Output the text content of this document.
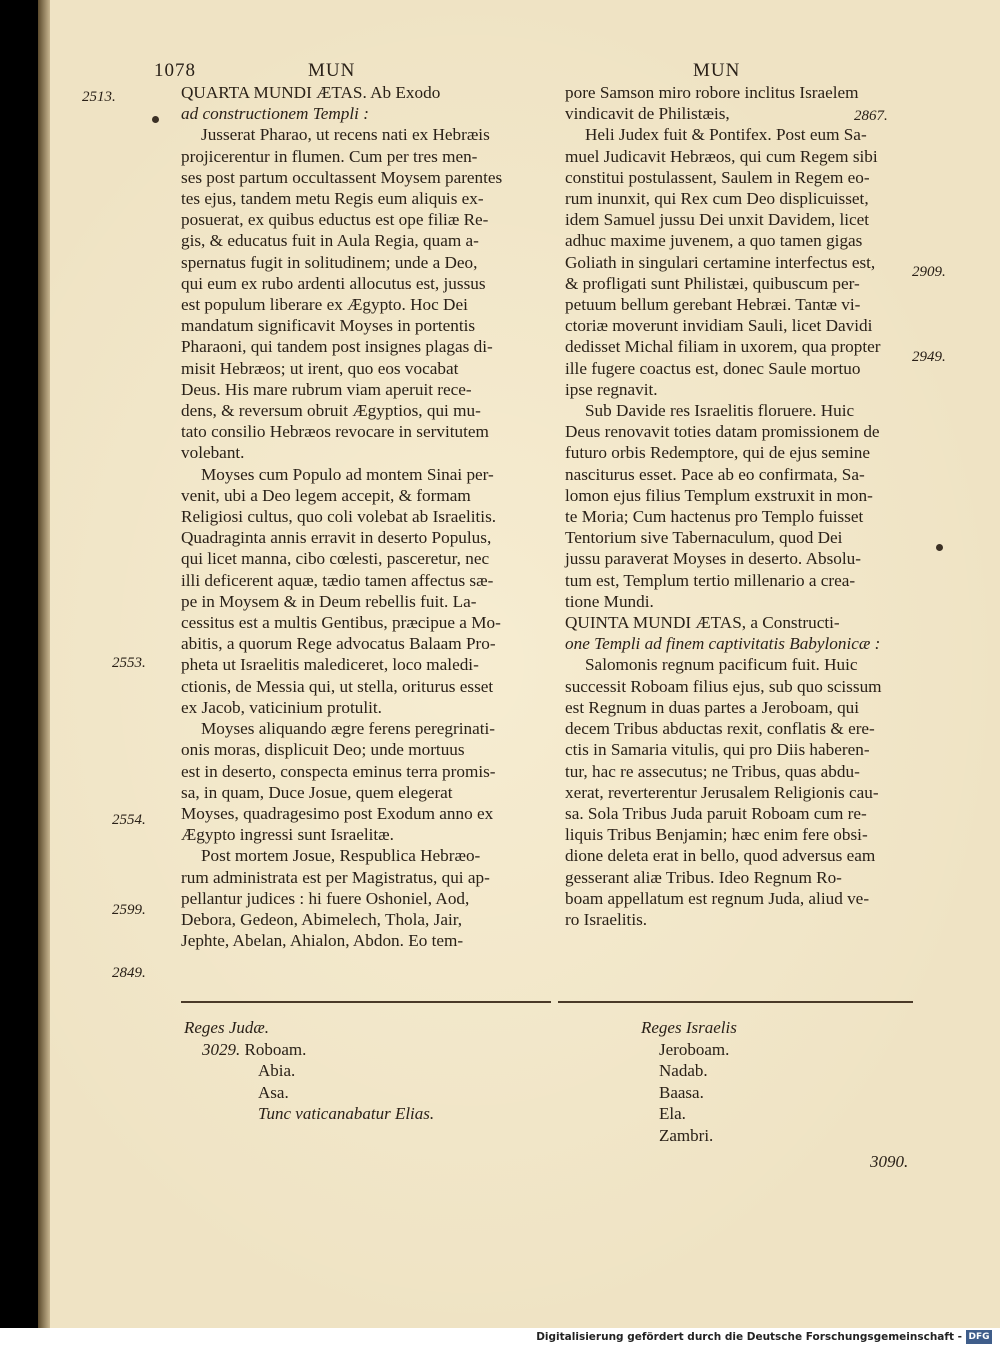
1078	MUN	MUN
2513.
2553.
2554.
2599.
2849.
2867.
2909.
2949.

QUARTA MUNDI ÆTAS. Ab Exodo

ad constructionem Templi :

Jusserat Pharao, ut recens nati ex Hebræis

projicerentur in flumen. Cum per tres men-

ses post partum occultassent Moysem parentes

tes ejus, tandem metu Regis eum aliquis ex-

posuerat, ex quibus eductus est ope filiæ Re-

gis, & educatus fuit in Aula Regia, quam a-

spernatus fugit in solitudinem; unde a Deo,

qui eum ex rubo ardenti allocutus est, jussus

est populum liberare ex Ægypto. Hoc Dei

mandatum significavit Moyses in portentis

Pharaoni, qui tandem post insignes plagas di-

misit Hebræos; ut irent, quo eos vocabat

Deus. His mare rubrum viam aperuit rece-

dens, & reversum obruit Ægyptios, qui mu-

tato consilio Hebræos revocare in servitutem

volebant.

Moyses cum Populo ad montem Sinai per-

venit, ubi a Deo legem accepit, & formam

Religiosi cultus, quo coli volebat ab Israelitis.

Quadraginta annis erravit in deserto Populus,

qui licet manna, cibo cœlesti, pasceretur, nec

illi deficerent aquæ, tædio tamen affectus sæ-

pe in Moysem & in Deum rebellis fuit. La-

cessitus est a multis Gentibus, præcipue a Mo-

abitis, a quorum Rege advocatus Balaam Pro-

pheta ut Israelitis malediceret, loco maledi-

ctionis, de Messia qui, ut stella, oriturus esset

ex Jacob, vaticinium protulit.

Moyses aliquando ægre ferens peregrinati-

onis moras, displicuit Deo; unde mortuus

est in deserto, conspecta eminus terra promis-

sa, in quam, Duce Josue, quem elegerat

Moyses, quadragesimo post Exodum anno ex

Ægypto ingressi sunt Israelitæ.

Post mortem Josue, Respublica Hebræo-

rum administrata est per Magistratus, qui ap-

pellantur judices : hi fuere Oshoniel, Aod,

Debora, Gedeon, Abimelech, Thola, Jair,

Jephte, Abelan, Ahialon, Abdon. Eo tem-

pore Samson miro robore inclitus Israelem

vindicavit de Philistæis,

Heli Judex fuit & Pontifex. Post eum Sa-

muel Judicavit Hebræos, qui cum Regem sibi

constitui postulassent, Saulem in Regem eo-

rum inunxit, qui Rex cum Deo displicuisset,

idem Samuel jussu Dei unxit Davidem, licet

adhuc maxime juvenem, a quo tamen gigas

Goliath in singulari certamine interfectus est,

& profligati sunt Philistæi, quibuscum per-

petuum bellum gerebant Hebræi. Tantæ vi-

ctoriæ moverunt invidiam Sauli, licet Davidi

dedisset Michal filiam in uxorem, qua propter

ille fugere coactus est, donec Saule mortuo

ipse regnavit.

Sub Davide res Israelitis floruere. Huic

Deus renovavit toties datam promissionem de

futuro orbis Redemptore, qui de ejus semine

nasciturus esset. Pace ab eo confirmata, Sa-

lomon ejus filius Templum exstruxit in mon-

te Moria; Cum hactenus pro Templo fuisset

Tentorium sive Tabernaculum, quod Dei

jussu paraverat Moyses in deserto. Absolu-

tum est, Templum tertio millenario a crea-

tione Mundi.

QUINTA MUNDI ÆTAS, a Constructi-

one Templi ad finem captivitatis Babylonicæ :

Salomonis regnum pacificum fuit. Huic

successit Roboam filius ejus, sub quo scissum

est Regnum in duas partes a Jeroboam, qui

decem Tribus abductas rexit, conflatis & ere-

ctis in Samaria vitulis, qui pro Diis haberen-

tur, hac re assecutus; ne Tribus, quas abdu-

xerat, reverterentur Jerusalem Religionis cau-

sa. Sola Tribus Juda paruit Roboam cum re-

liquis Tribus Benjamin; hæc enim fere obsi-

dione deleta erat in bello, quod adversus eam

gesserant aliæ Tribus. Ideo Regnum Ro-

boam appellatum est regnum Juda, aliud ve-

ro Israelitis.

Reges Judæ.

3029. Roboam.

Abia.

Asa.

Tunc vaticanabatur Elias.

Reges Israelis

Jeroboam.

Nadab.

Baasa.

Ela.

Zambri.

3090.
Digitalisierung gefördert durch die Deutsche Forschungsgemeinschaft - DFG
